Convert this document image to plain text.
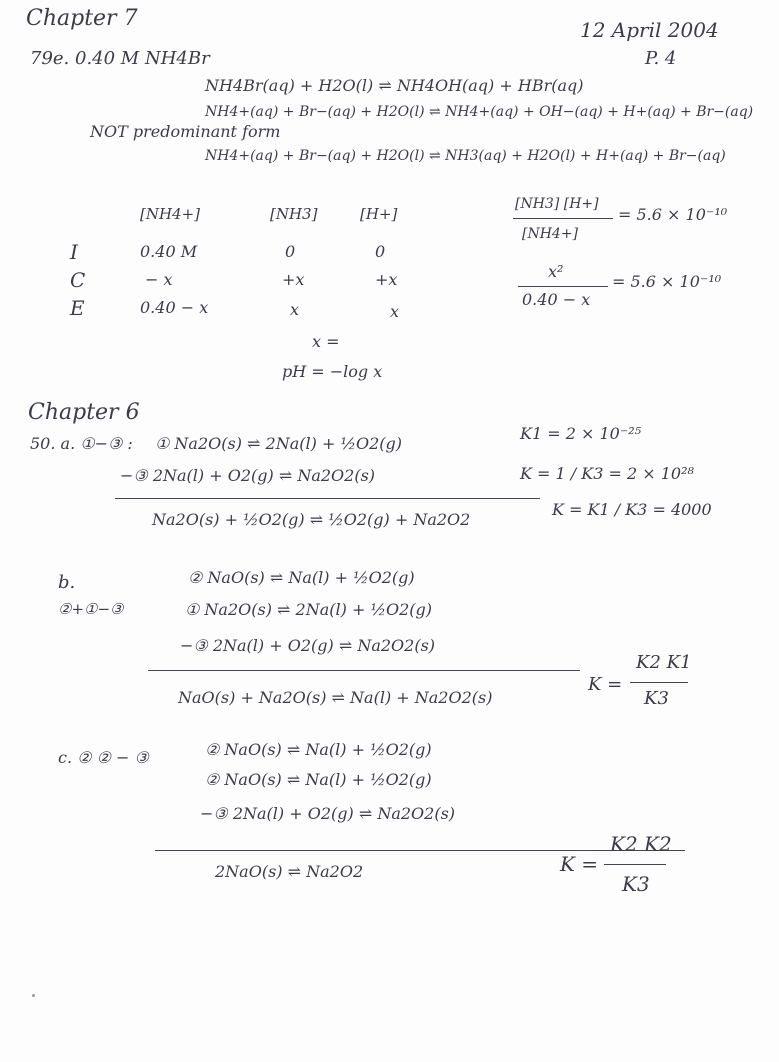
Chapter 7	12 April 2004
P. 4
79e. 0.40 M NH4Br
NH4Br(aq) + H2O(l) ⇌ NH4OH(aq) + HBr(aq)
NH4+(aq) + Br−(aq) + H2O(l) ⇌ NH4+(aq) + OH−(aq) + H+(aq) + Br−(aq)
NOT predominant form
NH4+(aq) + Br−(aq) + H2O(l) ⇌ NH3(aq) + H2O(l) + H+(aq) + Br−(aq)
[NH4+]	[NH3]	[H+]
I	0.40 M	0	0
C	− x	+x	+x
E	0.40 − x	x	x
[NH3] [H+]
[NH4+]
= 5.6 × 10⁻¹⁰
x²
0.40 − x
= 5.6 × 10⁻¹⁰
x =
pH = −log x
Chapter 6
50. a. ①−③ : ① Na2O(s) ⇌ 2Na(l) + ½O2(g)
−③ 2Na(l) + O2(g) ⇌ Na2O2(s)
Na2O(s) + ½O2(g) ⇌ ½O2(g) + Na2O2
K1 = 2 × 10⁻²⁵
K = 1 / K3 = 2 × 10²⁸
K = K1 / K3 = 4000
b.
②+①−③
② NaO(s) ⇌ Na(l) + ½O2(g)
① Na2O(s) ⇌ 2Na(l) + ½O2(g)
−③ 2Na(l) + O2(g) ⇌ Na2O2(s)
NaO(s) + Na2O(s) ⇌ Na(l) + Na2O2(s)
K =
K2 K1
K3
c. ② ② − ③	② NaO(s) ⇌ Na(l) + ½O2(g)
② NaO(s) ⇌ Na(l) + ½O2(g)
−③ 2Na(l) + O2(g) ⇌ Na2O2(s)
2NaO(s) ⇌ Na2O2	K =
K2 K2
K3
